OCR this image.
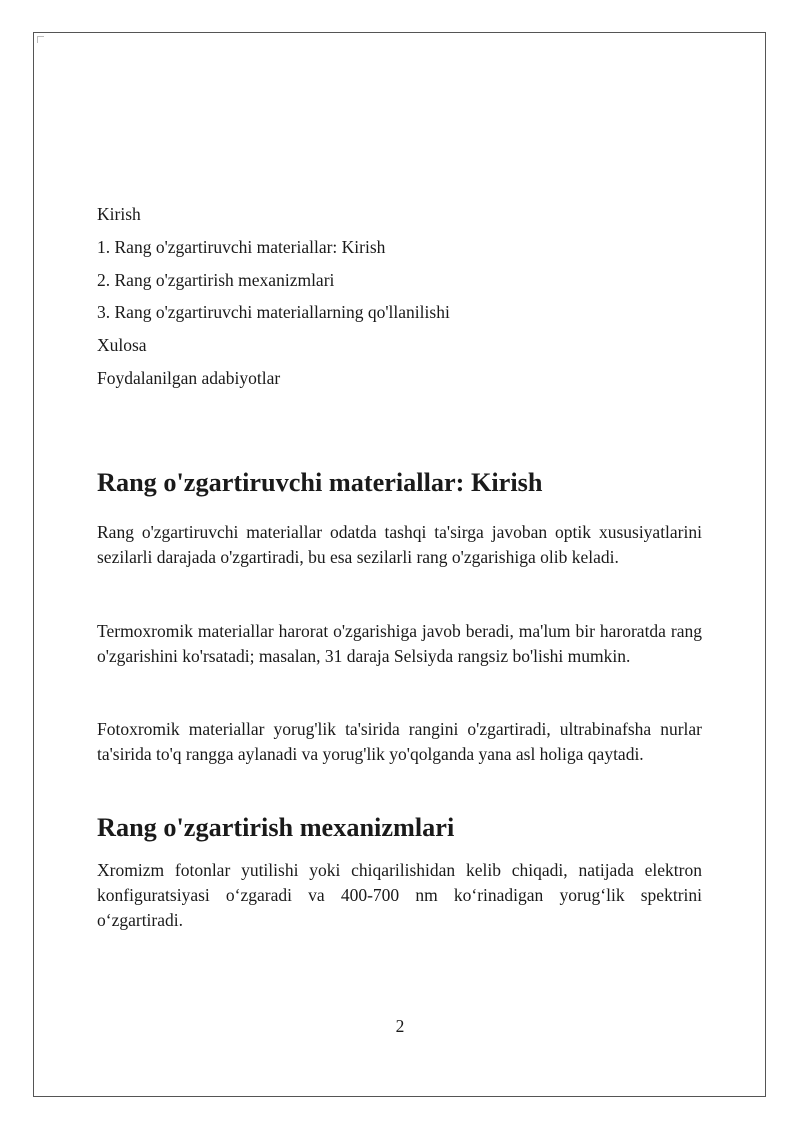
Kirish
1. Rang o'zgartiruvchi materiallar: Kirish
2. Rang o'zgartirish mexanizmlari
3. Rang o'zgartiruvchi materiallarning qo'llanilishi
Xulosa
Foydalanilgan adabiyotlar
Rang o'zgartiruvchi materiallar: Kirish

Rang o'zgartiruvchi materiallar odatda tashqi ta'sirga javoban optik xususiyatlarini sezilarli darajada o'zgartiradi, bu esa sezilarli rang o'zgarishiga olib keladi.

Termoxromik materiallar harorat o'zgarishiga javob beradi, ma'lum bir haroratda rang o'zgarishini ko'rsatadi; masalan, 31 daraja Selsiyda rangsiz bo'lishi mumkin.

Fotoxromik materiallar yorug'lik ta'sirida rangini o'zgartiradi, ultrabinafsha nurlar ta'sirida to'q rangga aylanadi va yorug'lik yo'qolganda yana asl holiga qaytadi.

Rang o'zgartirish mexanizmlari

Xromizm fotonlar yutilishi yoki chiqarilishidan kelib chiqadi, natijada elektron konfiguratsiyasi o‘zgaradi va 400-700 nm ko‘rinadigan yorug‘lik spektrini o‘zgartiradi.

2
